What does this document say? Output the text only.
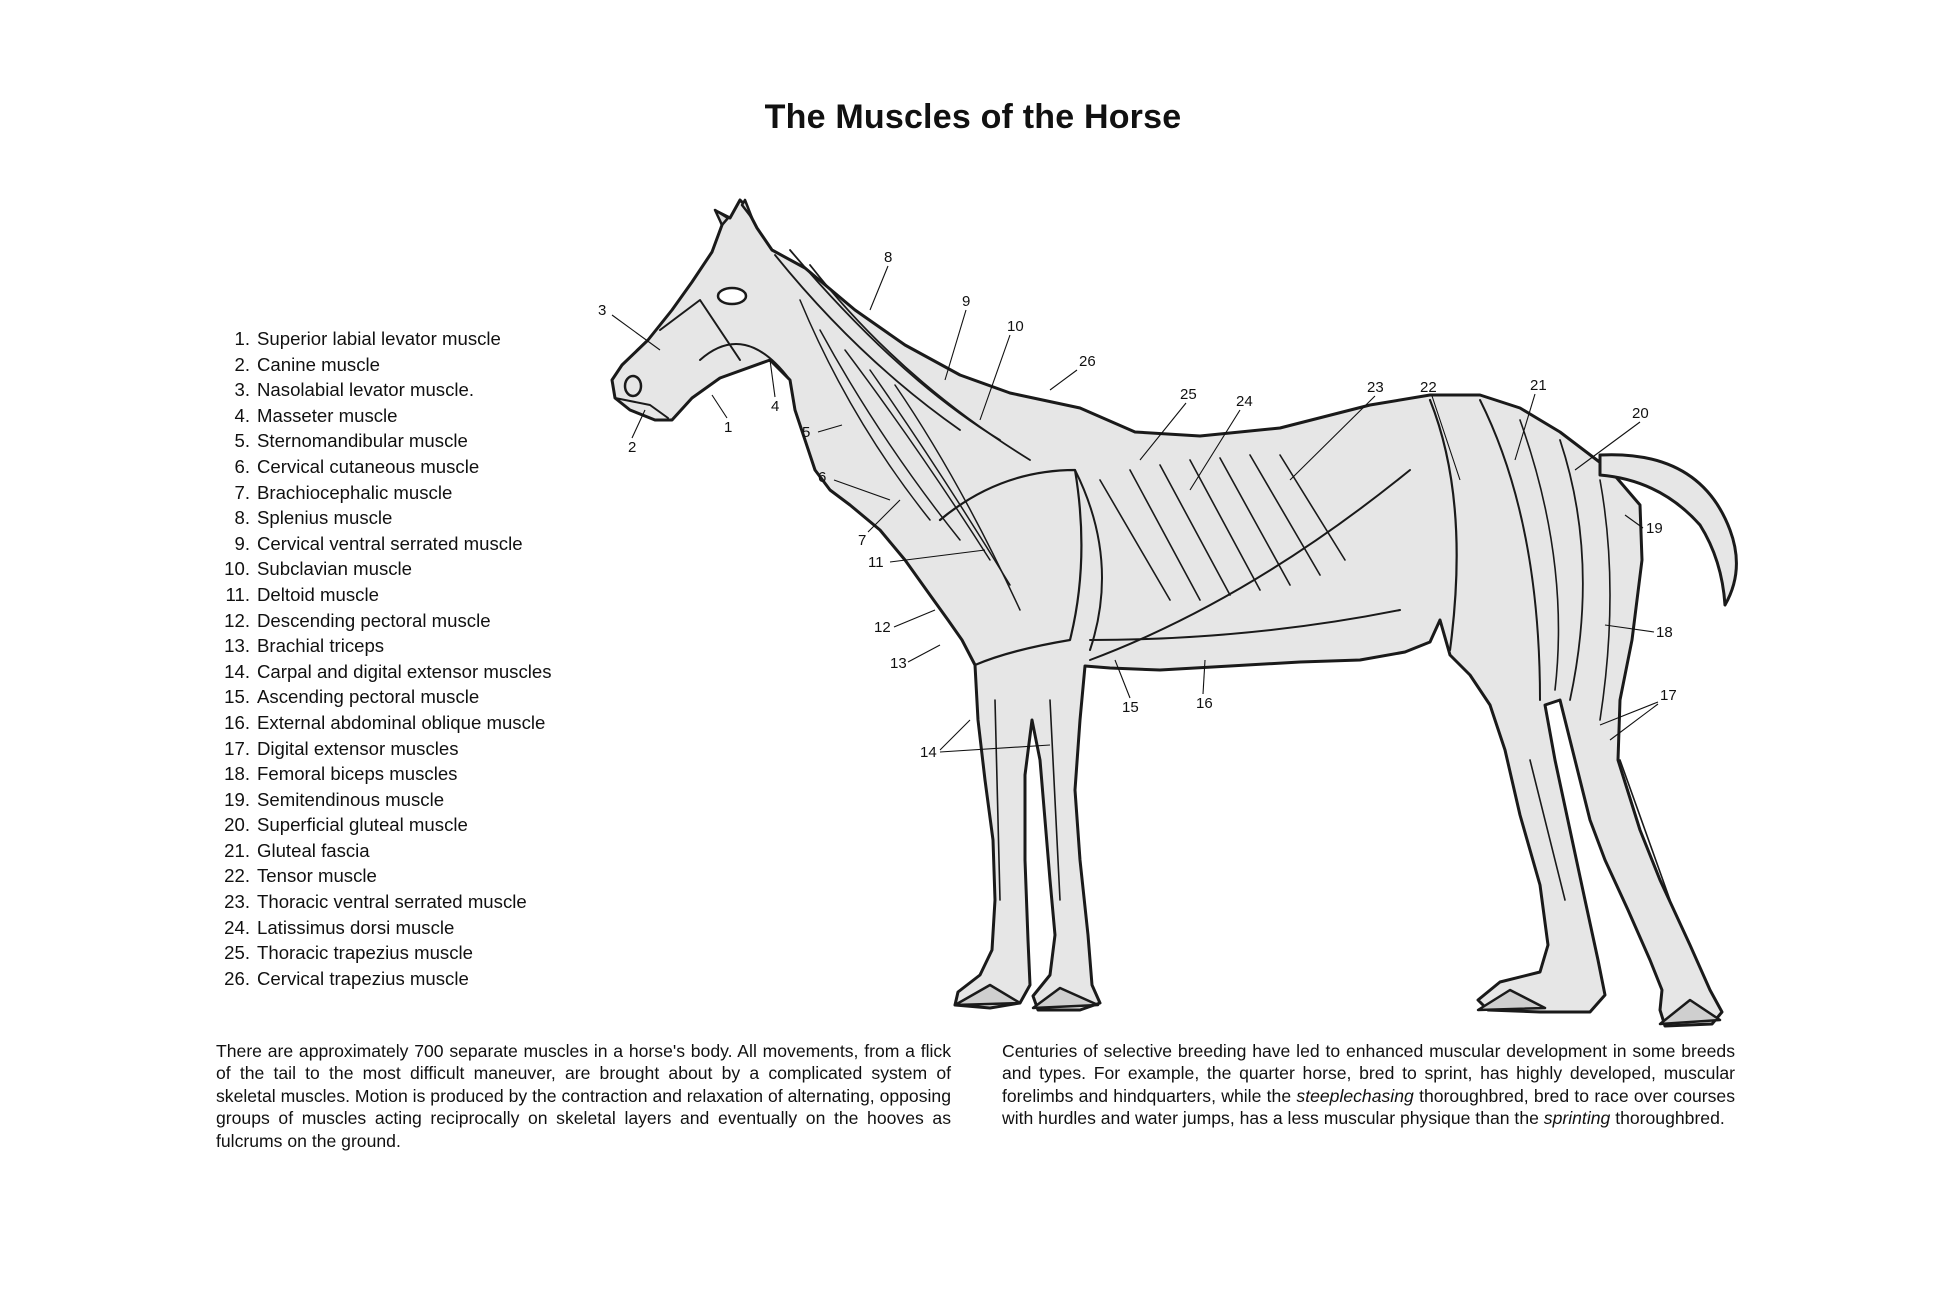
The Muscles of the Horse
1. Superior labial levator muscle
2. Canine muscle
3. Nasolabial levator muscle.
4. Masseter muscle
5. Sternomandibular muscle
6. Cervical cutaneous muscle
7. Brachiocephalic muscle
8. Splenius muscle
9. Cervical ventral serrated muscle
10. Subclavian muscle
11. Deltoid muscle
12. Descending pectoral muscle
13. Brachial triceps
14. Carpal and digital extensor muscles
15. Ascending pectoral muscle
16. External abdominal oblique muscle
17. Digital extensor muscles
18. Femoral biceps muscles
19. Semitendinous muscle
20. Superficial gluteal muscle
21. Gluteal fascia
22. Tensor muscle
23. Thoracic ventral serrated muscle
24. Latissimus dorsi muscle
25. Thoracic trapezius muscle
26. Cervical trapezius muscle
1
2
3
4
5
6
7
8
9
10
11
12
13
14
15	16	17
18
19
20
21
22
23
24
25
26

There are approximately 700 separate muscles in a horse's body. All movements, from a flick of the tail to the most difficult maneuver, are brought about by a complicated system of skeletal muscles. Motion is produced by the contraction and relaxation of alternating, opposing groups of muscles acting reciprocally on skeletal layers and eventually on the hooves as fulcrums on the ground.

Centuries of selective breeding have led to enhanced muscular development in some breeds and types. For example, the quarter horse, bred to sprint, has highly developed, muscular forelimbs and hindquarters, while the steeplechasing thoroughbred, bred to race over courses with hurdles and water jumps, has a less muscular physique than the sprinting thoroughbred.
